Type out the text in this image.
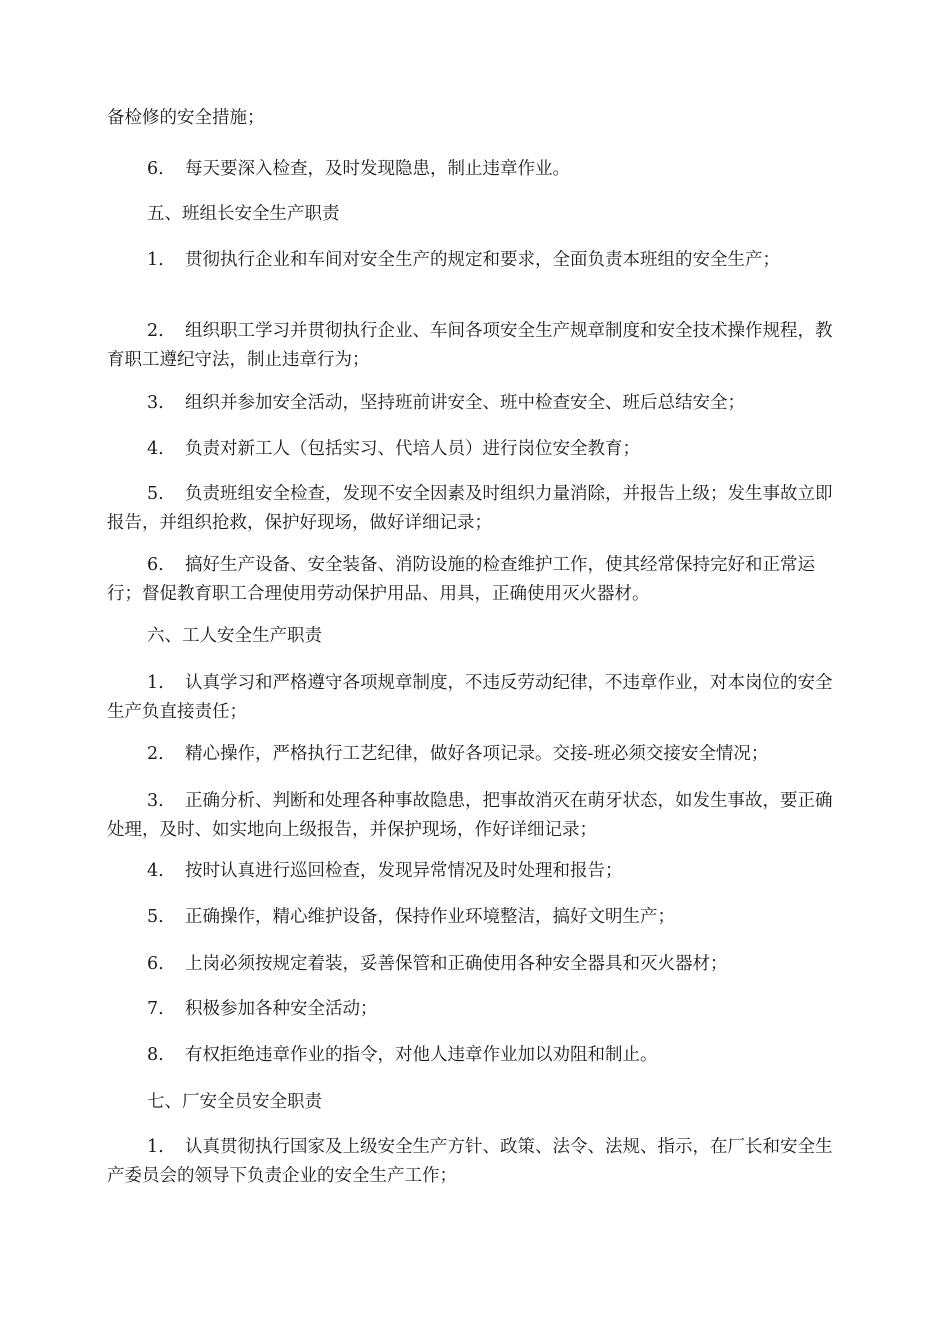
备检修的安全措施；

6. 每天要深入检查，及时发现隐患，制止违章作业。

五、班组长安全生产职责

1. 贯彻执行企业和车间对安全生产的规定和要求，全面负责本班组的安全生产；

2. 组织职工学习并贯彻执行企业、车间各项安全生产规章制度和安全技术操作规程，教育职工遵纪守法，制止违章行为；

3. 组织并参加安全活动，坚持班前讲安全、班中检查安全、班后总结安全；

4. 负责对新工人（包括实习、代培人员）进行岗位安全教育；

5. 负责班组安全检查，发现不安全因素及时组织力量消除，并报告上级；发生事故立即报告，并组织抢救，保护好现场，做好详细记录；

6. 搞好生产设备、安全装备、消防设施的检查维护工作，使其经常保持完好和正常运行；督促教育职工合理使用劳动保护用品、用具，正确使用灭火器材。

六、工人安全生产职责

1. 认真学习和严格遵守各项规章制度，不违反劳动纪律，不违章作业，对本岗位的安全生产负直接责任；

2. 精心操作，严格执行工艺纪律，做好各项记录。交接-班必须交接安全情况；

3. 正确分析、判断和处理各种事故隐患，把事故消灭在萌牙状态，如发生事故，要正确处理，及时、如实地向上级报告，并保护现场，作好详细记录；

4. 按时认真进行巡回检查，发现异常情况及时处理和报告；

5. 正确操作，精心维护设备，保持作业环境整洁，搞好文明生产；

6. 上岗必须按规定着装，妥善保管和正确使用各种安全器具和灭火器材；

7. 积极参加各种安全活动；

8. 有权拒绝违章作业的指令，对他人违章作业加以劝阻和制止。

七、厂安全员安全职责

1. 认真贯彻执行国家及上级安全生产方针、政策、法令、法规、指示，在厂长和安全生产委员会的领导下负责企业的安全生产工作；
